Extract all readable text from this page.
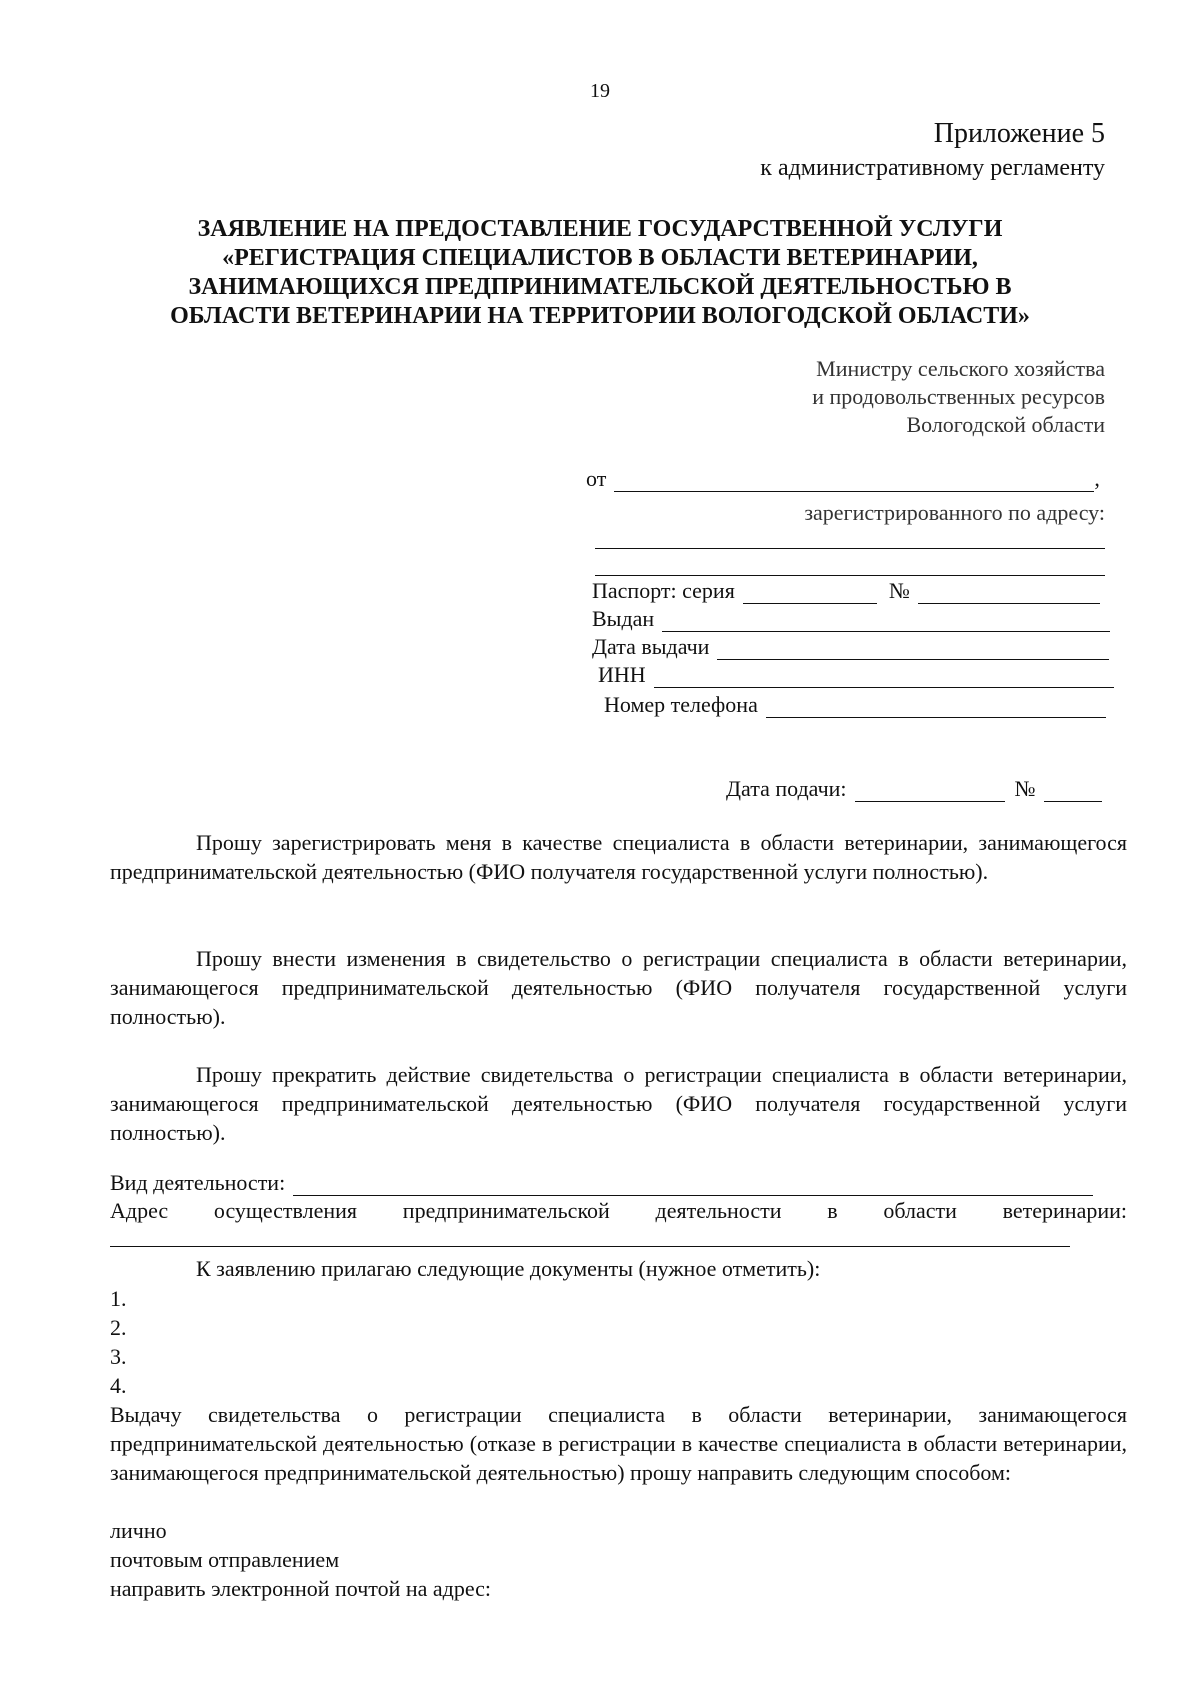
19
Приложение 5
к административному регламенту
ЗАЯВЛЕНИЕ НА ПРЕДОСТАВЛЕНИЕ ГОСУДАРСТВЕННОЙ УСЛУГИ
«РЕГИСТРАЦИЯ СПЕЦИАЛИСТОВ В ОБЛАСТИ ВЕТЕРИНАРИИ,
ЗАНИМАЮЩИХСЯ ПРЕДПРИНИМАТЕЛЬСКОЙ ДЕЯТЕЛЬНОСТЬЮ В
ОБЛАСТИ ВЕТЕРИНАРИИ НА ТЕРРИТОРИИ ВОЛОГОДСКОЙ ОБЛАСТИ»
Министру сельского хозяйства
и продовольственных ресурсов
Вологодской области
от	,
зарегистрированного по адресу:
Паспорт: серия	№
Выдан
Дата выдачи
ИНН
Номер телефона
Дата подачи:	№

Прошу зарегистрировать меня в качестве специалиста в области ветеринарии, занимающегося предпринимательской деятельностью (ФИО получателя государственной услуги полностью).

Прошу внести изменения в свидетельство о регистрации специалиста в области ветеринарии, занимающегося предпринимательской деятельностью (ФИО получателя государственной услуги полностью).

Прошу прекратить действие свидетельства о регистрации специалиста в области ветеринарии, занимающегося предпринимательской деятельностью (ФИО получателя государственной услуги полностью).

Вид деятельности:
Адрес осуществления предпринимательской деятельности в области ветеринарии:
К заявлению прилагаю следующие документы (нужное отметить):
1.
2.
3.
4.
Выдачу свидетельства о регистрации специалиста в области ветеринарии, занимающегося предпринимательской деятельностью (отказе в регистрации в качестве специалиста в области ветеринарии, занимающегося предпринимательской деятельностью) прошу направить следующим способом:
лично
почтовым отправлением
направить электронной почтой на адрес:
